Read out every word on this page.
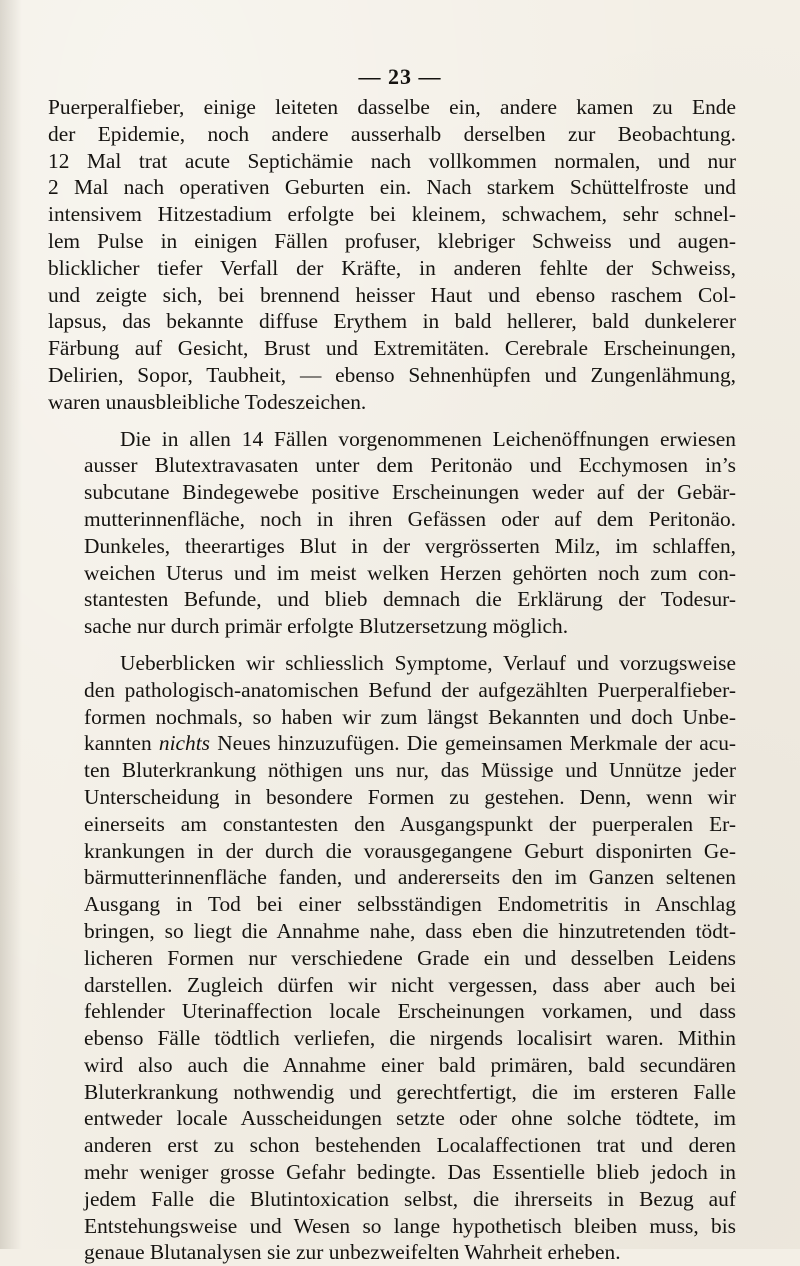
— 23 —

Puerperalfieber, einige leiteten dasselbe ein, andere kamen zu Ende
der Epidemie, noch andere ausserhalb derselben zur Beobachtung.
12 Mal trat acute Septichämie nach vollkommen normalen, und nur
2 Mal nach operativen Geburten ein. Nach starkem Schüttelfroste und
intensivem Hitzestadium erfolgte bei kleinem, schwachem, sehr schnel-
lem Pulse in einigen Fällen profuser, klebriger Schweiss und augen-
blicklicher tiefer Verfall der Kräfte, in anderen fehlte der Schweiss,
und zeigte sich, bei brennend heisser Haut und ebenso raschem Col-
lapsus, das bekannte diffuse Erythem in bald hellerer, bald dunkelerer
Färbung auf Gesicht, Brust und Extremitäten. Cerebrale Erscheinungen,
Delirien, Sopor, Taubheit, — ebenso Sehnenhüpfen und Zungenlähmung,
waren unausbleibliche Todeszeichen.

Die in allen 14 Fällen vorgenommenen Leichenöffnungen erwiesen
ausser Blutextravasaten unter dem Peritonäo und Ecchymosen in’s
subcutane Bindegewebe positive Erscheinungen weder auf der Gebär-
mutterinnenfläche, noch in ihren Gefässen oder auf dem Peritonäo.
Dunkeles, theerartiges Blut in der vergrösserten Milz, im schlaffen,
weichen Uterus und im meist welken Herzen gehörten noch zum con-
stantesten Befunde, und blieb demnach die Erklärung der Todesur-
sache nur durch primär erfolgte Blutzersetzung möglich.

Ueberblicken wir schliesslich Symptome, Verlauf und vorzugsweise
den pathologisch-anatomischen Befund der aufgezählten Puerperalfieber-
formen nochmals, so haben wir zum längst Bekannten und doch Unbe-
kannten nichts Neues hinzuzufügen. Die gemeinsamen Merkmale der acu-
ten Bluterkrankung nöthigen uns nur, das Müssige und Unnütze jeder
Unterscheidung in besondere Formen zu gestehen. Denn, wenn wir
einerseits am constantesten den Ausgangspunkt der puerperalen Er-
krankungen in der durch die vorausgegangene Geburt disponirten Ge-
bärmutterinnenfläche fanden, und andererseits den im Ganzen seltenen
Ausgang in Tod bei einer selbsständigen Endometritis in Anschlag
bringen, so liegt die Annahme nahe, dass eben die hinzutretenden tödt-
licheren Formen nur verschiedene Grade ein und desselben Leidens
darstellen. Zugleich dürfen wir nicht vergessen, dass aber auch bei
fehlender Uterinaffection locale Erscheinungen vorkamen, und dass
ebenso Fälle tödtlich verliefen, die nirgends localisirt waren. Mithin
wird also auch die Annahme einer bald primären, bald secundären
Bluterkrankung nothwendig und gerechtfertigt, die im ersteren Falle
entweder locale Ausscheidungen setzte oder ohne solche tödtete, im
anderen erst zu schon bestehenden Localaffectionen trat und deren
mehr weniger grosse Gefahr bedingte. Das Essentielle blieb jedoch in
jedem Falle die Blutintoxication selbst, die ihrerseits in Bezug auf
Entstehungsweise und Wesen so lange hypothetisch bleiben muss, bis
genaue Blutanalysen sie zur unbezweifelten Wahrheit erheben.
